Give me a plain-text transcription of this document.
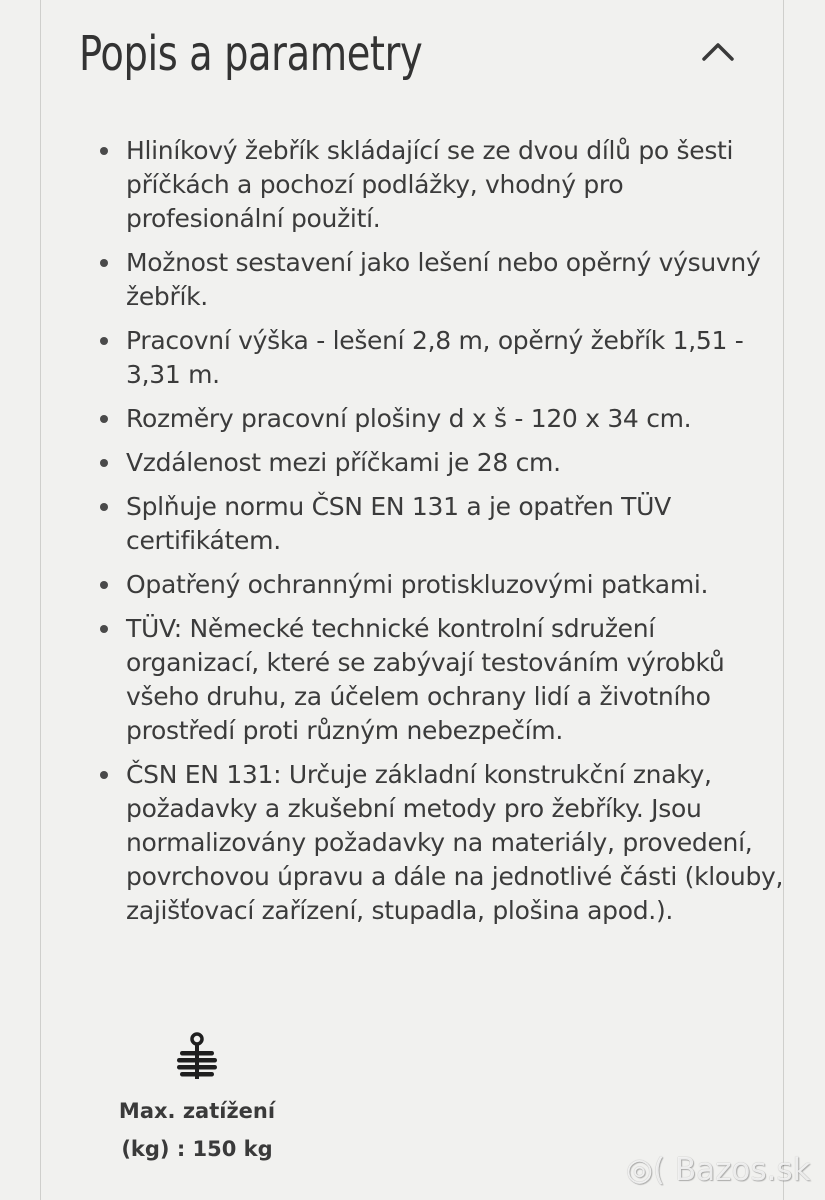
Popis a parametry
Hliníkový žebřík skládající se ze dvou dílů po šesti příčkách a pochozí podlážky, vhodný pro profesionální použití.
Možnost sestavení jako lešení nebo opěrný výsuvný žebřík.
Pracovní výška - lešení 2,8 m, opěrný žebřík 1,51 - 3,31 m.
Rozměry pracovní plošiny d x š - 120 x 34 cm.
Vzdálenost mezi příčkami je 28 cm.
Splňuje normu ČSN EN 131 a je opatřen TÜV certifikátem.
Opatřený ochrannými protiskluzovými patkami.
TÜV: Německé technické kontrolní sdružení organizací, které se zabývají testováním výrobků všeho druhu, za účelem ochrany lidí a životního prostředí proti různým nebezpečím.
ČSN EN 131: Určuje základní konstrukční znaky, požadavky a zkušební metody pro žebříky. Jsou normalizovány požadavky na materiály, provedení, povrchovou úpravu a dále na jednotlivé části (klouby, zajišťovací zařízení, stupadla, plošina apod.).
Max. zatížení
(kg) : 150 kg
◎( Bazos.sk
